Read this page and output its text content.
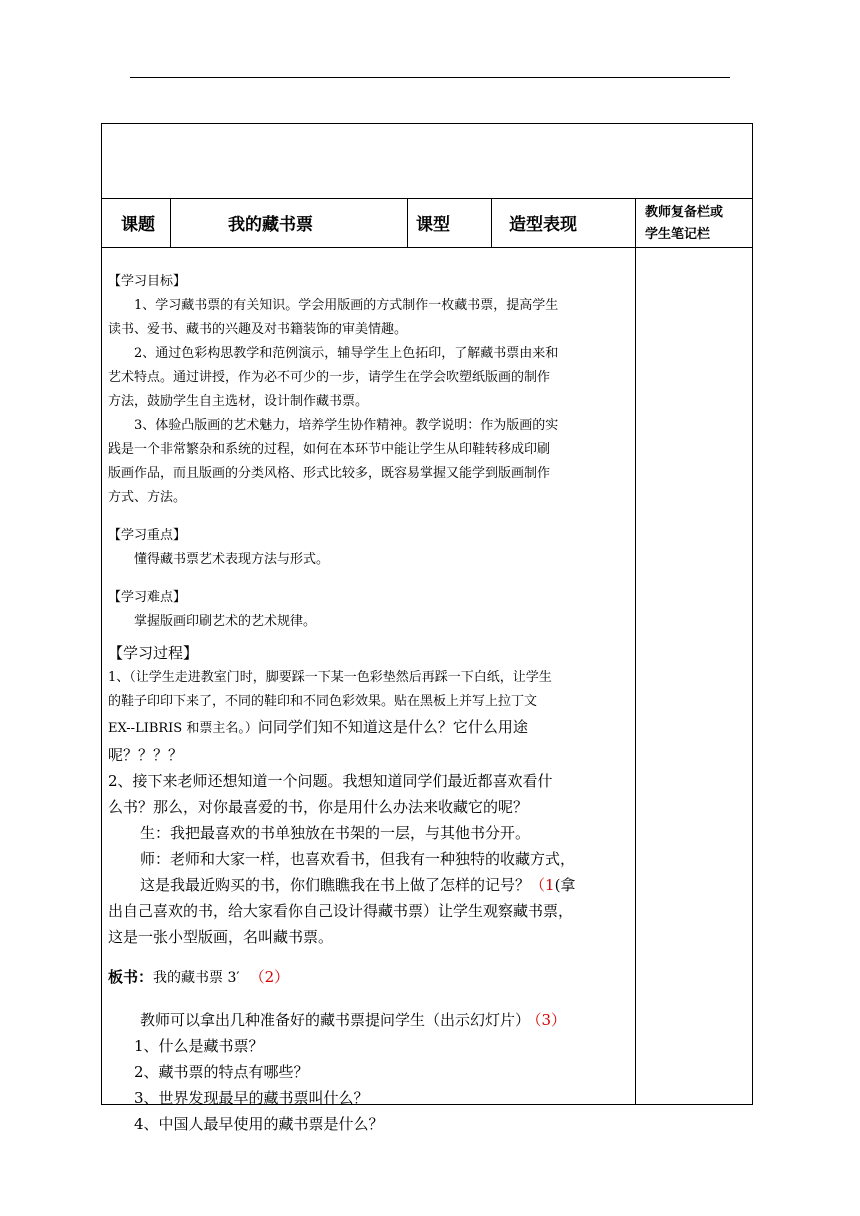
课题	我的藏书票	课型	造型表现
教师复备栏或
学生笔记栏
【学习目标】
1、学习藏书票的有关知识。学会用版画的方式制作一枚藏书票，提高学生
读书、爱书、藏书的兴趣及对书籍装饰的审美情趣。
2、通过色彩构思教学和范例演示，辅导学生上色拓印，了解藏书票由来和
艺术特点。通过讲授，作为必不可少的一步，请学生在学会吹塑纸版画的制作
方法，鼓励学生自主选材，设计制作藏书票。
3、体验凸版画的艺术魅力，培养学生协作精神。教学说明：作为版画的实
践是一个非常繁杂和系统的过程，如何在本环节中能让学生从印鞋转移成印刷
版画作品，而且版画的分类风格、形式比较多，既容易掌握又能学到版画制作
方式、方法。
【学习重点】
懂得藏书票艺术表现方法与形式。
【学习难点】
掌握版画印刷艺术的艺术规律。
【学习过程】
1、（让学生走进教室门时，脚要踩一下某一色彩垫然后再踩一下白纸，让学生
的鞋子印印下来了，不同的鞋印和不同色彩效果。贴在黑板上并写上拉丁文
EX--LIBRIS 和票主名。）问同学们知不知道这是什么？它什么用途
呢？？？？
2、接下来老师还想知道一个问题。我想知道同学们最近都喜欢看什
么书？那么，对你最喜爱的书，你是用什么办法来收藏它的呢？
生：我把最喜欢的书单独放在书架的一层，与其他书分开。
师：老师和大家一样，也喜欢看书，但我有一种独特的收藏方式，
这是我最近购买的书，你们瞧瞧我在书上做了怎样的记号？（1(拿
出自己喜欢的书，给大家看你自己设计得藏书票）让学生观察藏书票，
这是一张小型版画，名叫藏书票。
板书：我的藏书票 3′ （2）
教师可以拿出几种准备好的藏书票提问学生（出示幻灯片） （3）
1、什么是藏书票？
2、藏书票的特点有哪些？
3、世界发现最早的藏书票叫什么？
4、中国人最早使用的藏书票是什么？
